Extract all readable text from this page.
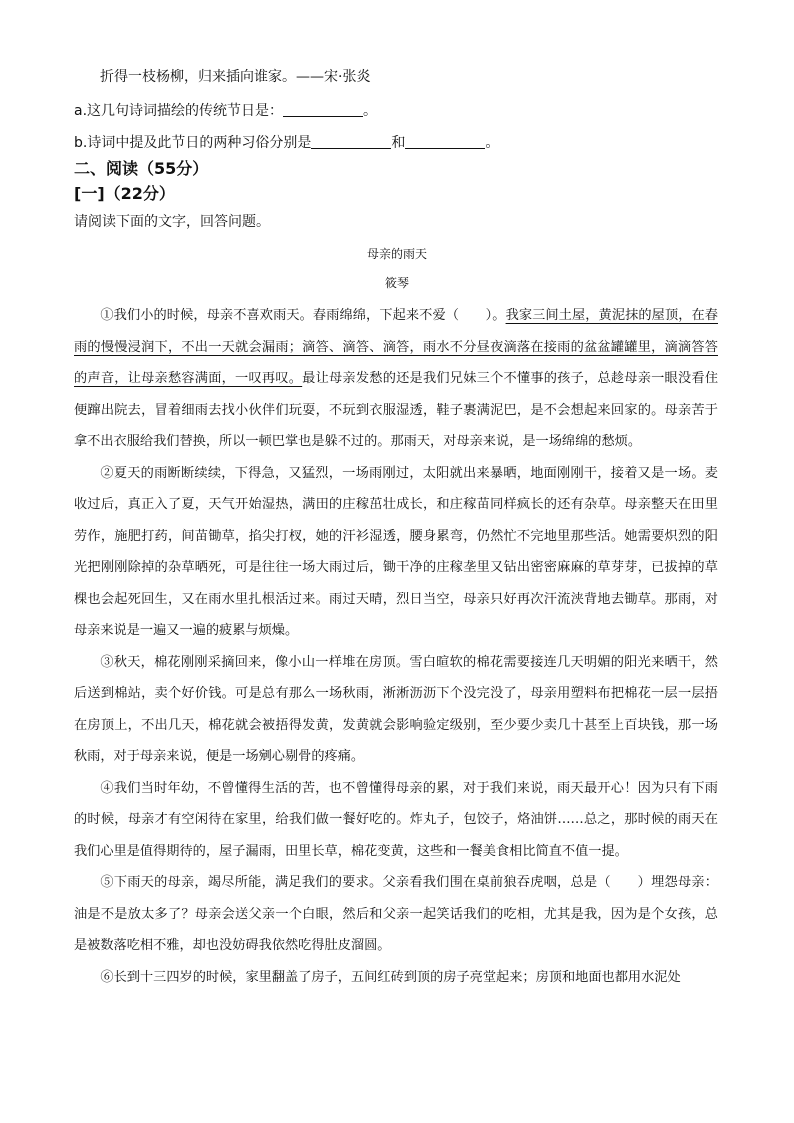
折得一枝杨柳，归来插向谁家。——宋·张炎
a.这几句诗词描绘的传统节日是：	。
b.诗词中提及此节日的两种习俗分别是	和	。
二、阅读（55分）
[一]（22分）
请阅读下面的文字，回答问题。
母亲的雨天
筱琴

①我们小的时候，母亲不喜欢雨天。春雨绵绵，下起来不爱（　　）。我家三间土屋，黄泥抹的屋顶，在春雨的慢慢浸润下，不出一天就会漏雨；滴答、滴答、滴答，雨水不分昼夜滴落在接雨的盆盆罐罐里，滴滴答答的声音，让母亲愁容满面，一叹再叹。最让母亲发愁的还是我们兄妹三个不懂事的孩子，总趁母亲一眼没看住便蹿出院去，冒着细雨去找小伙伴们玩耍，不玩到衣服湿透，鞋子裹满泥巴，是不会想起来回家的。母亲苦于拿不出衣服给我们替换，所以一顿巴掌也是躲不过的。那雨天，对母亲来说，是一场绵绵的愁烦。

②夏天的雨断断续续，下得急，又猛烈，一场雨刚过，太阳就出来暴晒，地面刚刚干，接着又是一场。麦收过后，真正入了夏，天气开始湿热，满田的庄稼茁壮成长，和庄稼苗同样疯长的还有杂草。母亲整天在田里劳作，施肥打药，间苗锄草，掐尖打杈，她的汗衫湿透，腰身累弯，仍然忙不完地里那些活。她需要炽烈的阳光把刚刚除掉的杂草晒死，可是往往一场大雨过后，锄干净的庄稼垄里又钻出密密麻麻的草芽芽，已拔掉的草棵也会起死回生，又在雨水里扎根活过来。雨过天晴，烈日当空，母亲只好再次汗流浃背地去锄草。那雨，对母亲来说是一遍又一遍的疲累与烦燥。

③秋天，棉花刚刚采摘回来，像小山一样堆在房顶。雪白暄软的棉花需要接连几天明媚的阳光来晒干，然后送到棉站，卖个好价钱。可是总有那么一场秋雨，淅淅沥沥下个没完没了，母亲用塑料布把棉花一层一层捂在房顶上，不出几天，棉花就会被捂得发黄，发黄就会影响验定级别，至少要少卖几十甚至上百块钱，那一场秋雨，对于母亲来说，便是一场剜心剔骨的疼痛。

④我们当时年幼，不曾懂得生活的苦，也不曾懂得母亲的累，对于我们来说，雨天最开心！因为只有下雨的时候，母亲才有空闲待在家里，给我们做一餐好吃的。炸丸子，包饺子，烙油饼……总之，那时候的雨天在我们心里是值得期待的，屋子漏雨，田里长草，棉花变黄，这些和一餐美食相比简直不值一提。

⑤下雨天的母亲，竭尽所能，满足我们的要求。父亲看我们围在桌前狼吞虎咽，总是（　　）埋怨母亲：油是不是放太多了？母亲会送父亲一个白眼，然后和父亲一起笑话我们的吃相，尤其是我，因为是个女孩，总是被数落吃相不雅，却也没妨碍我依然吃得肚皮溜圆。

⑥长到十三四岁的时候，家里翻盖了房子，五间红砖到顶的房子亮堂起来；房顶和地面也都用水泥处
